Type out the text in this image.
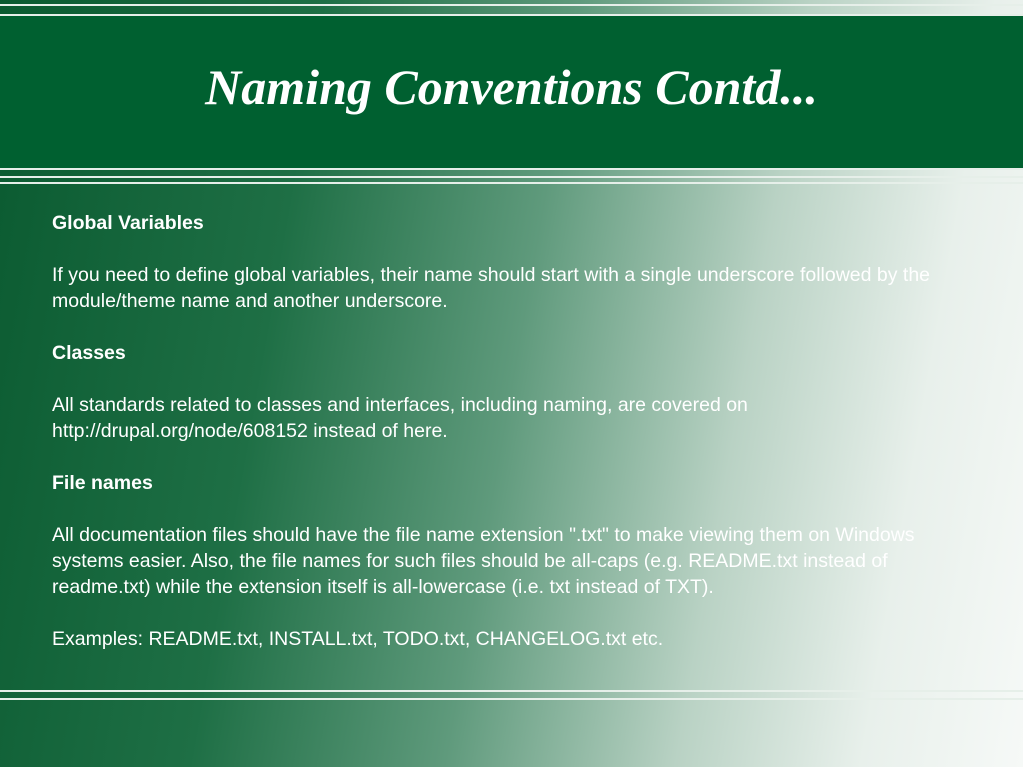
Naming Conventions Contd...
Global Variables

If you need to define global variables, their name should start with a single underscore followed by the module/theme name and another underscore.

Classes

All standards related to classes and interfaces, including naming, are covered on http://drupal.org/node/608152 instead of here.

File names

All documentation files should have the file name extension ".txt" to make viewing them on Windows systems easier. Also, the file names for such files should be all-caps (e.g. README.txt instead of readme.txt) while the extension itself is all-lowercase (i.e. txt instead of TXT).

Examples: README.txt, INSTALL.txt, TODO.txt, CHANGELOG.txt etc.
